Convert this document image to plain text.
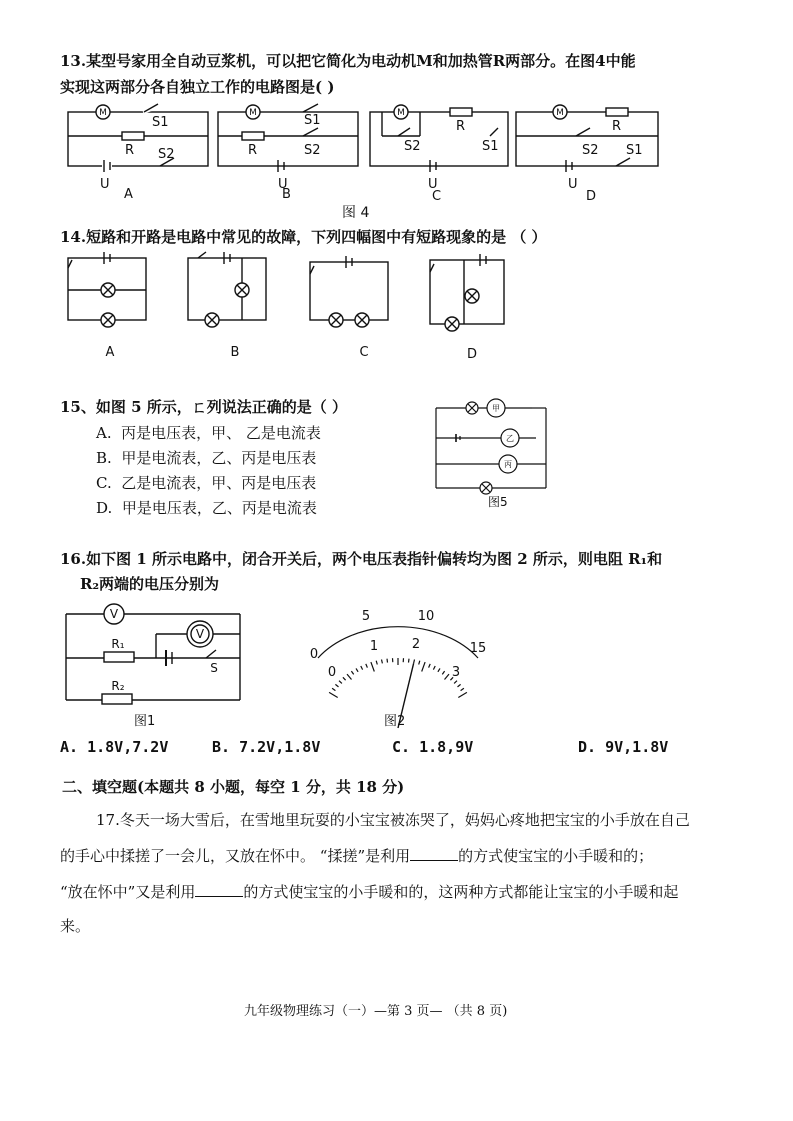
13.某型号家用全自动豆浆机，可以把它简化为电动机M和加热管R两部分。在图4中能
实现这两部分各自独立工作的电路图是( )
M	M	M	M
R
S1
S2
U
A
R
S1
S2
U
B
S2
R
S1
U
C
R
S2 S1
U
D
图 4
14.短路和开路是电路中常见的故障，下列四幅图中有短路现象的是 （ ）
A	B	C	D
15、如图 5 所示，ㄈ列说法正确的是（ ）
A. 丙是电压表，甲、 乙是电流表
B. 甲是电流表，乙、丙是电压表
C. 乙是电流表，甲、丙是电压表
D. 甲是电压表，乙、丙是电流表
甲
乙
丙
图5
16.如下图 1 所示电路中，闭合开关后，两个电压表指针偏转均为图 2 所示，则电阻 R₁和
R₂两端的电压分别为
V
V
R₁
R₂
S
图1
0
5	10
15
0
1	2
3
图2
A. 1.8V,7.2V	B. 7.2V,1.8V	C. 1.8,9V	D. 9V,1.8V
二、填空题(本题共 8 小题，每空 1 分，共 18 分)
17.冬天一场大雪后，在雪地里玩耍的小宝宝被冻哭了，妈妈心疼地把宝宝的小手放在自己
的手心中揉搓了一会儿，又放在怀中。 “揉搓”是利用	的方式使宝宝的小手暖和的；
“放在怀中”又是利用	的方式使宝宝的小手暖和的，这两种方式都能让宝宝的小手暖和起
来。
九年级物理练习（一）—第 3 页— （共 8 页)
